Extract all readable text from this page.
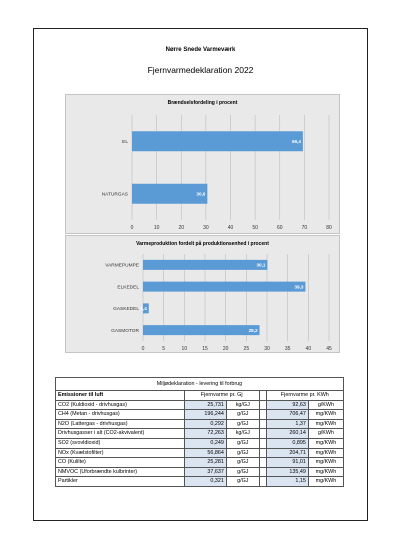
Nørre Snede Varmeværk
Fjernvarmedeklaration 2022
Brændselsfordeling i procent
0	10	20	30	40	50	60	70	80
EL	69,4
NATURGAS	30,6
Varmeproduktion fordelt på produktionsenhed i procent
0	5	10	15	20	25	30	35	40	45
VARMEPUMPE	30,1
ELKEDEL	39,3
GASKEDEL 1,4
GASMOTOR	28,2
Miljødeklaration - levering til forbrug					
Emissioner til luft	Fjernvarme pr. Gj			Fjernvarme pr. KWh	
CO2 (Kuldioxid - drivhusgas)	25,731	kg/GJ		92,63	g/KWh
CH4 (Metan - drivhusgas)	196,244	g/GJ		706,47	mg/KWh
N2O (Lattergas - drivhusgas)	0,292	g/GJ		1,37	mg/KWh
Drivhusgasser i alt (CO2-akvivalent)	72,263	kg/GJ		260,14	g/KWh
SO2 (svovldioxid)	0,249	g/GJ		0,895	mg/KWh
NOx (Kvælstofilter)	56,864	g/GJ		204,71	mg/KWh
CO (Kulilte)	25,281	g/GJ		91,01	mg/KWh
NMVOC (Uforbrændte kulbrinter)	37,637	g/GJ		135,49	mg/KWh
Partikler	0,321	g/GJ		1,15	mg/KWh
